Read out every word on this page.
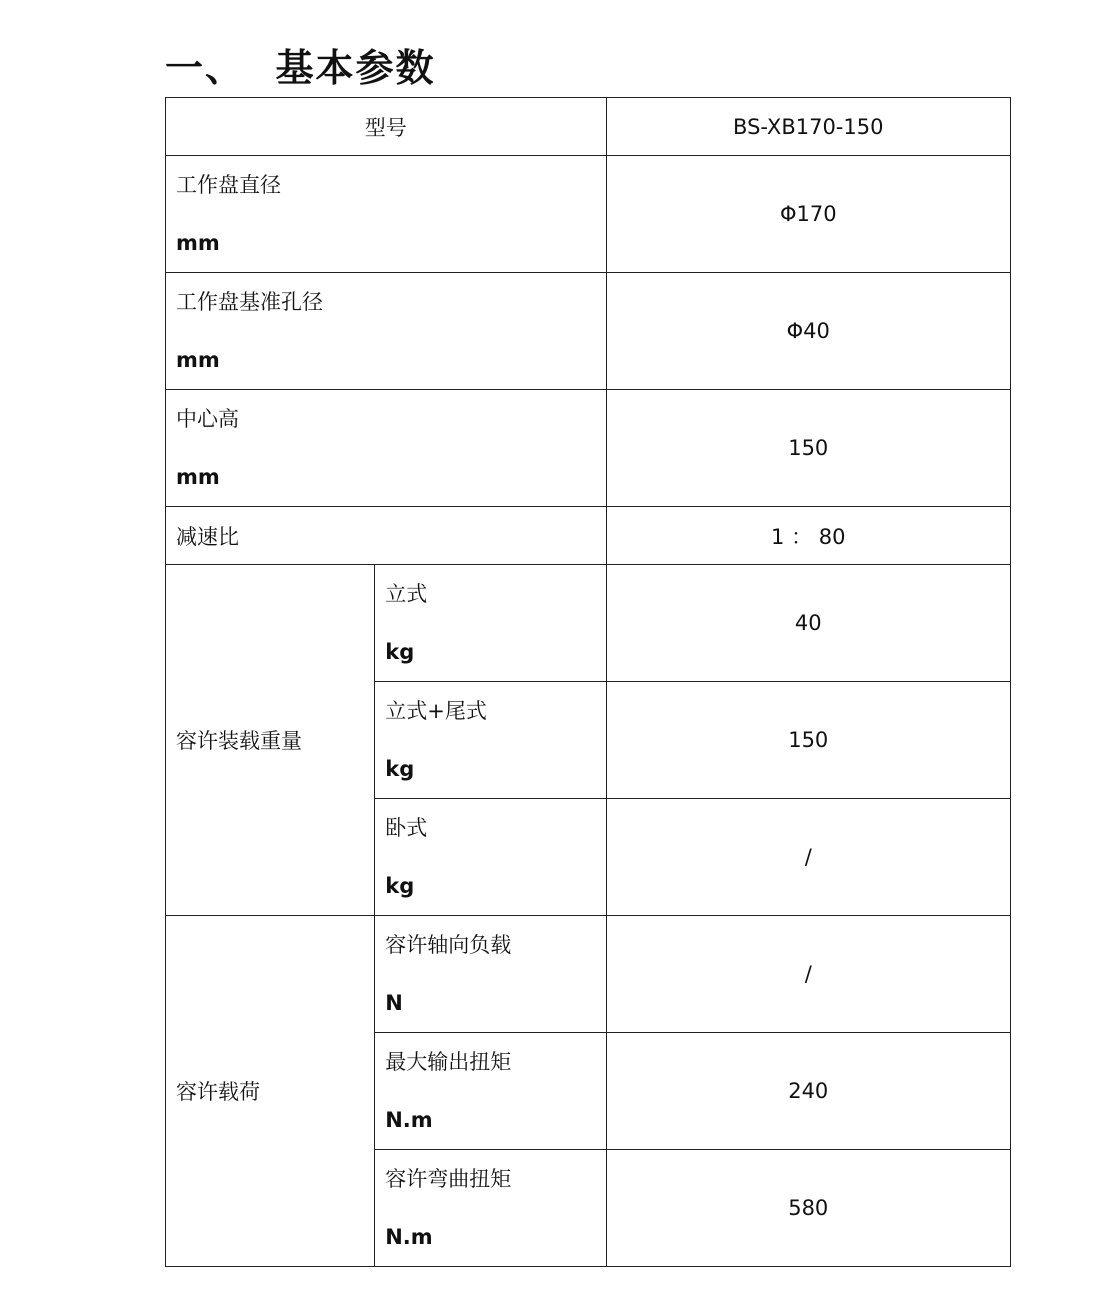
一、 基本参数
型号		BS-XB170-150

工作盘直径
mm		Φ170

工作盘基准孔径
mm		Φ40

中心高
mm		150

减速比		1 ： 80

容许装载重量	立式
kg	40

	立式+尾式
kg	150

	卧式
kg	/

容许载荷	容许轴向负载
N	/

	最大输出扭矩
N.m	240

	容许弯曲扭矩
N.m	580
